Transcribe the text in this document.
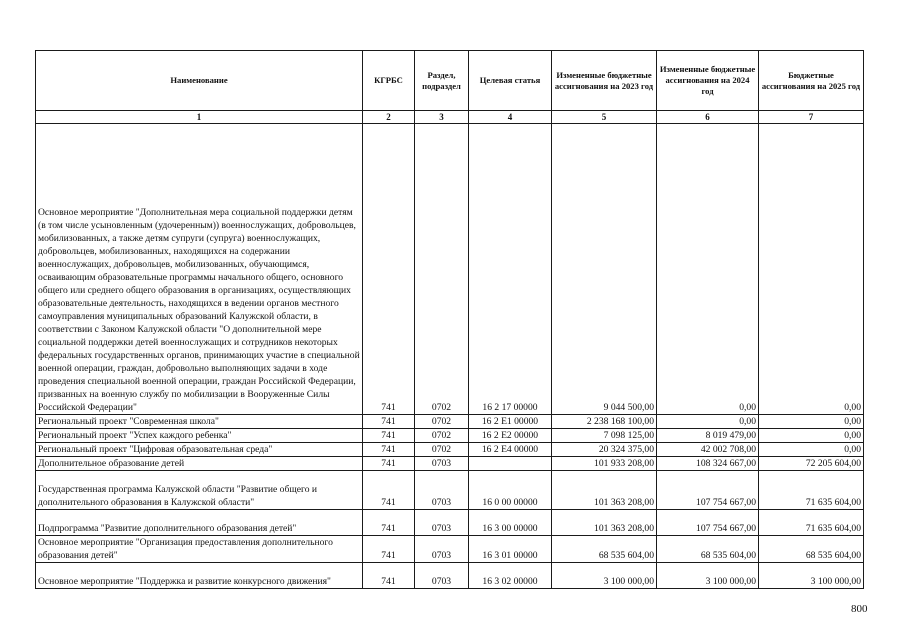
Наименование	КГРБС	Раздел, подраздел	Целевая статья	Измененные бюджетные ассигнования на 2023 год	Измененные бюджетные ассигнования на 2024 год	Бюджетные ассигнования на 2025 год
1	2	3	4	5	6	7
Основное мероприятие "Дополнительная мера социальной поддержки детям (в том числе усыновленным (удочеренным)) военнослужащих, добровольцев, мобилизованных, а также детям супруги (супруга) военнослужащих, добровольцев, мобилизованных, находящихся на содержании военнослужащих, добровольцев, мобилизованных, обучающимся, осваивающим образовательные программы начального общего, основного общего или среднего общего образования в организациях, осуществляющих образовательные деятельность, находящихся в ведении органов местного самоуправления муниципальных образований Калужской области, в соответствии с Законом Калужской области "О дополнительной мере социальной поддержки детей военнослужащих и сотрудников некоторых федеральных государственных органов, принимающих участие в специальной военной операции, граждан, добровольно выполняющих задачи в ходе проведения специальной военной операции, граждан Российской Федерации, призванных на военную службу по мобилизации в Вооруженные Силы Российской Федерации"	741	0702	16 2 17 00000	9 044 500,00	0,00	0,00
Региональный проект "Современная школа"	741	0702	16 2 E1 00000	2 238 168 100,00	0,00	0,00
Региональный проект "Успех каждого ребенка"	741	0702	16 2 E2 00000	7 098 125,00	8 019 479,00	0,00
Региональный проект "Цифровая образовательная среда"	741	0702	16 2 E4 00000	20 324 375,00	42 002 708,00	0,00
Дополнительное образование детей	741	0703		101 933 208,00	108 324 667,00	72 205 604,00
Государственная программа Калужской области "Развитие общего и дополнительного образования в Калужской области"	741	0703	16 0 00 00000	101 363 208,00	107 754 667,00	71 635 604,00
Подпрограмма "Развитие дополнительного образования детей"	741	0703	16 3 00 00000	101 363 208,00	107 754 667,00	71 635 604,00
Основное мероприятие "Организация предоставления дополнительного образования детей"	741	0703	16 3 01 00000	68 535 604,00	68 535 604,00	68 535 604,00
Основное мероприятие "Поддержка и развитие конкурсного движения"	741	0703	16 3 02 00000	3 100 000,00	3 100 000,00	3 100 000,00
800
